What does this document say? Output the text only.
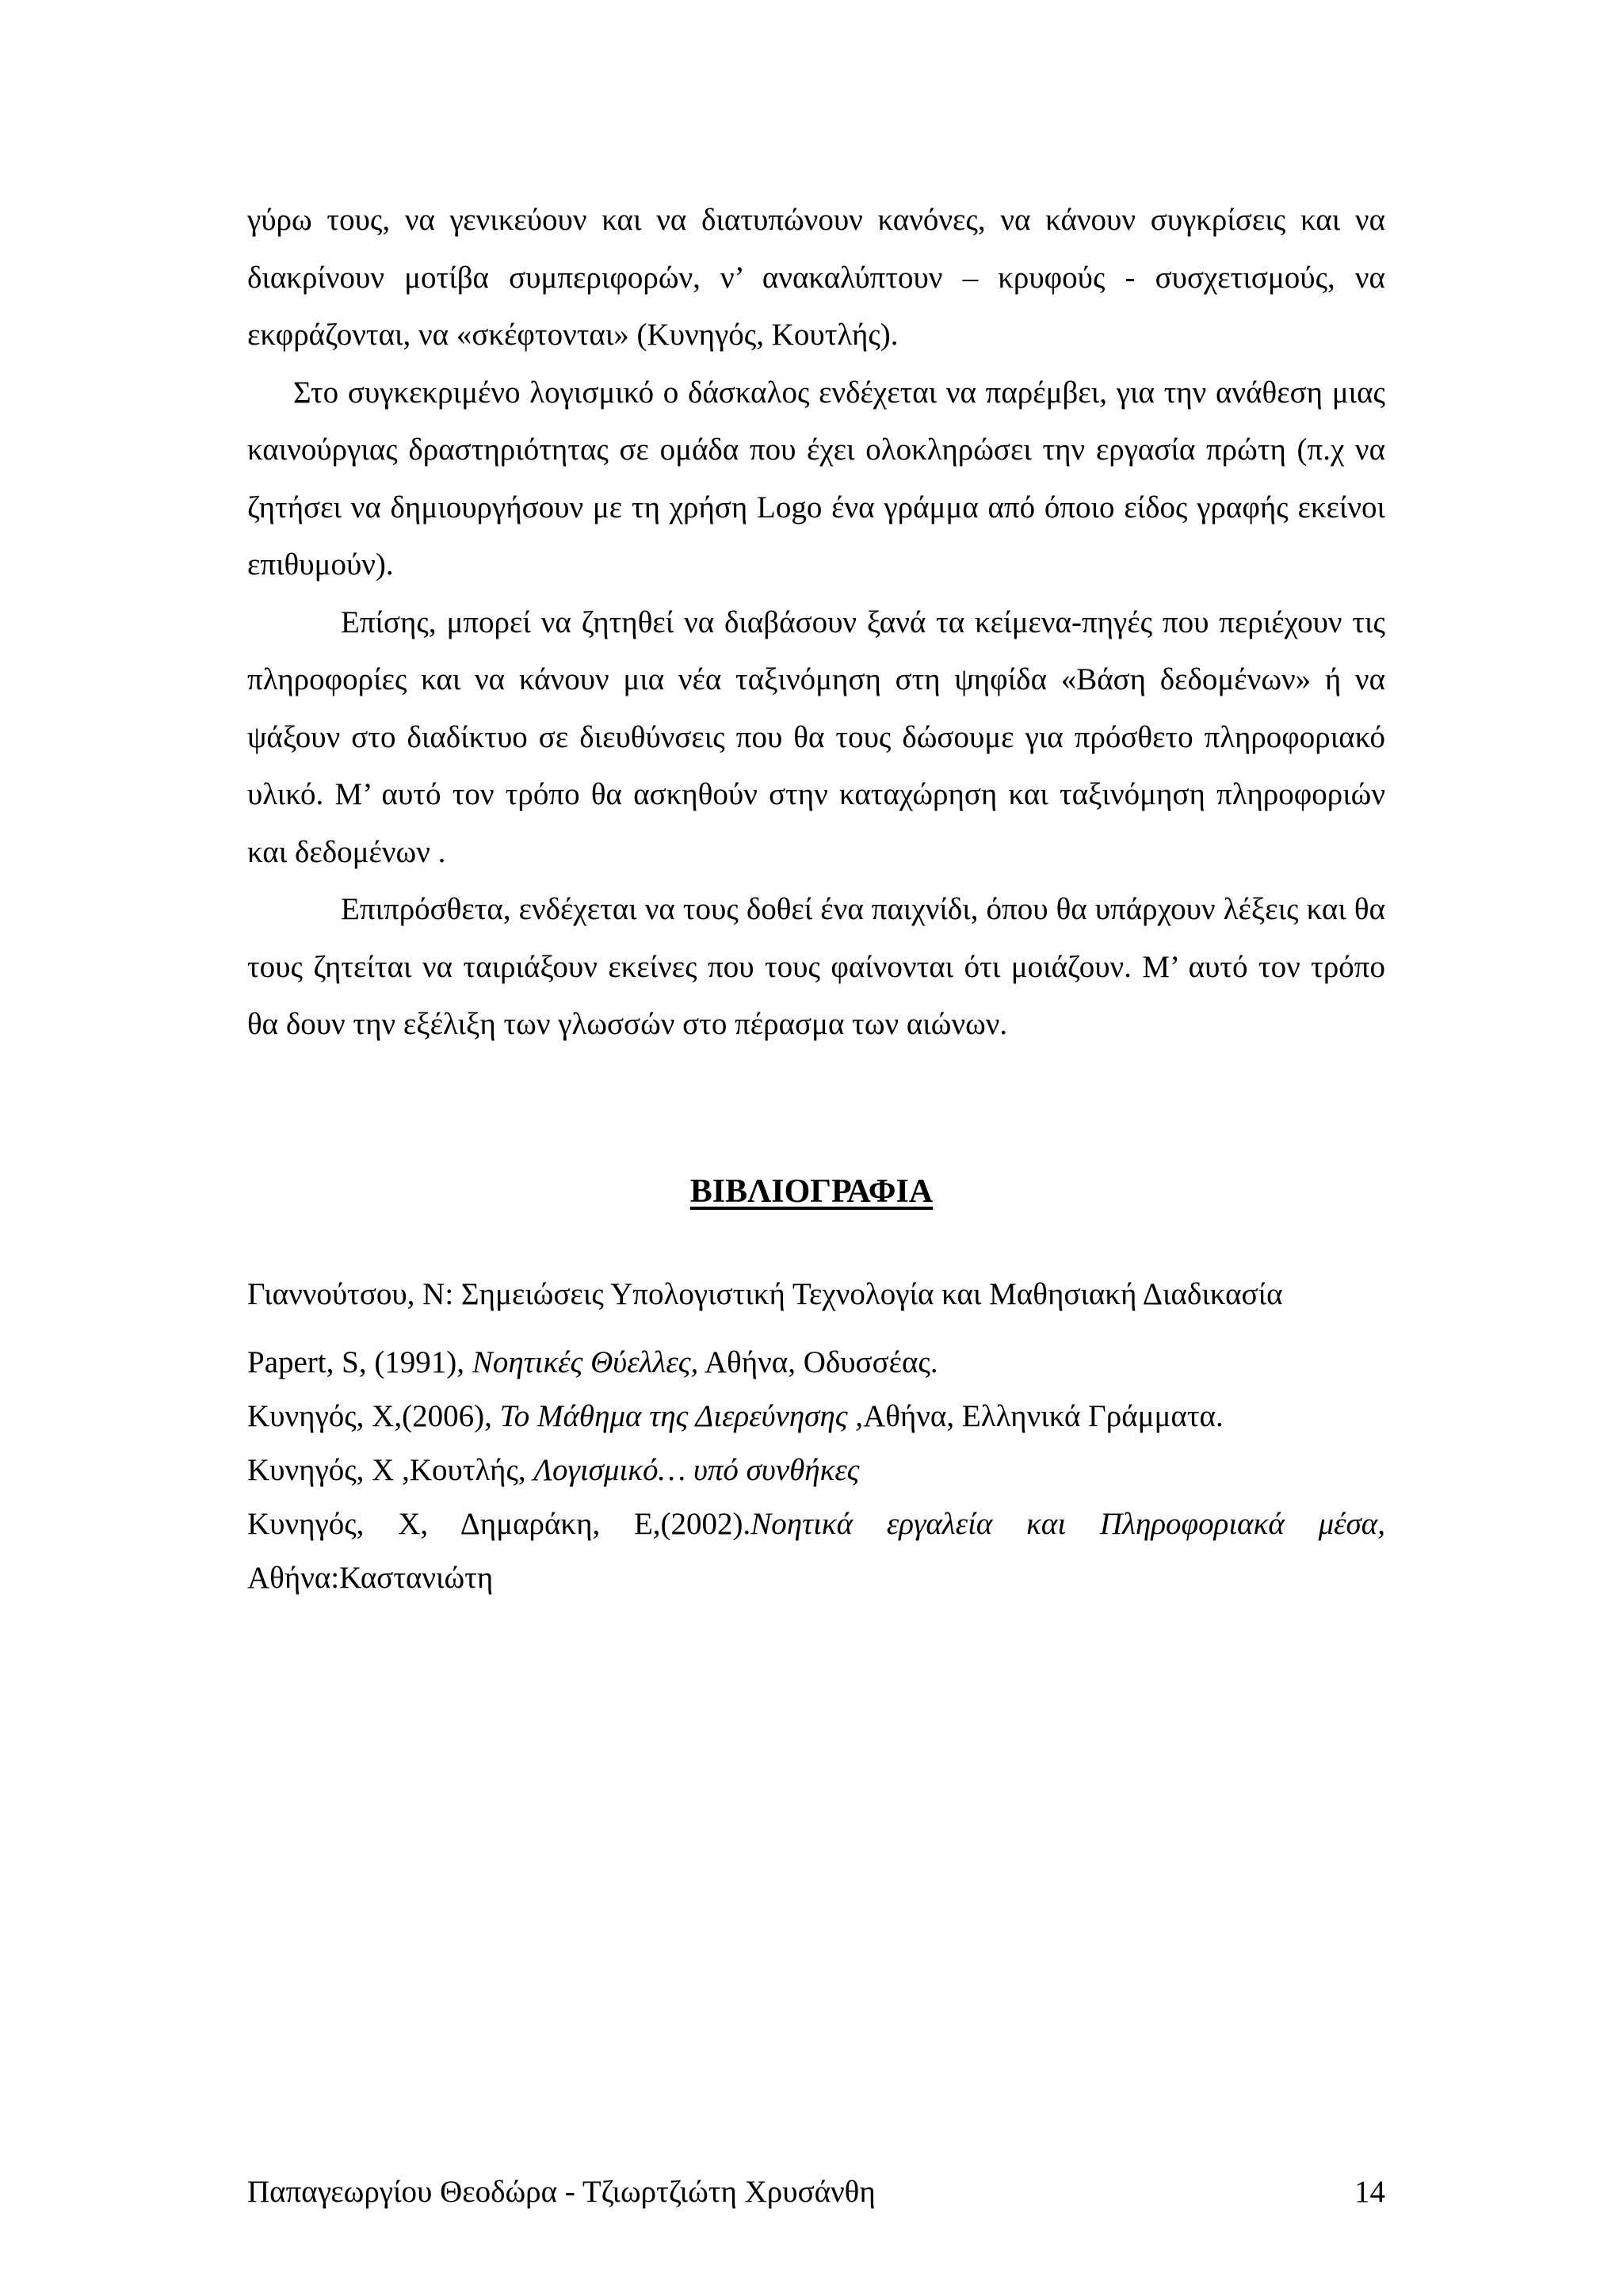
γύρω τους, να γενικεύουν και να διατυπώνουν κανόνες, να κάνουν συγκρίσεις και να διακρίνουν μοτίβα συμπεριφορών, ν’ ανακαλύπτουν – κρυφούς - συσχετισμούς, να εκφράζονται, να «σκέφτονται» (Κυνηγός, Κουτλής).

Στο συγκεκριμένο λογισμικό ο δάσκαλος ενδέχεται να παρέμβει, για την ανάθεση μιας καινούργιας δραστηριότητας σε ομάδα που έχει ολοκληρώσει την εργασία πρώτη (π.χ να ζητήσει να δημιουργήσουν με τη χρήση Logo ένα γράμμα από όποιο είδος γραφής εκείνοι επιθυμούν).

Επίσης, μπορεί να ζητηθεί να διαβάσουν ξανά τα κείμενα-πηγές που περιέχουν τις πληροφορίες και να κάνουν μια νέα ταξινόμηση στη ψηφίδα «Βάση δεδομένων» ή να ψάξουν στο διαδίκτυο σε διευθύνσεις που θα τους δώσουμε για πρόσθετο πληροφοριακό υλικό. Μ’ αυτό τον τρόπο θα ασκηθούν στην καταχώρηση και ταξινόμηση πληροφοριών και δεδομένων .

Επιπρόσθετα, ενδέχεται να τους δοθεί ένα παιχνίδι, όπου θα υπάρχουν λέξεις και θα τους ζητείται να ταιριάξουν εκείνες που τους φαίνονται ότι μοιάζουν. Μ’ αυτό τον τρόπο θα δουν την εξέλιξη των γλωσσών στο πέρασμα των αιώνων.

ΒΙΒΛΙΟΓΡΑΦΙΑ

Γιαννούτσου, Ν: Σημειώσεις Υπολογιστική Τεχνολογία και Μαθησιακή Διαδικασία

Papert, S, (1991), Νοητικές Θύελλες, Αθήνα, Οδυσσέας.

Κυνηγός, Χ,(2006), Το Μάθημα της Διερεύνησης ,Αθήνα, Ελληνικά Γράμματα.

Κυνηγός, Χ ,Κουτλής, Λογισμικό… υπό συνθήκες

Κυνηγός, Χ, Δημαράκη, Ε,(2002).Νοητικά εργαλεία και Πληροφοριακά μέσα, Αθήνα:Καστανιώτη

Παπαγεωργίου Θεοδώρα - Τζιωρτζιώτη Χρυσάνθη	14
